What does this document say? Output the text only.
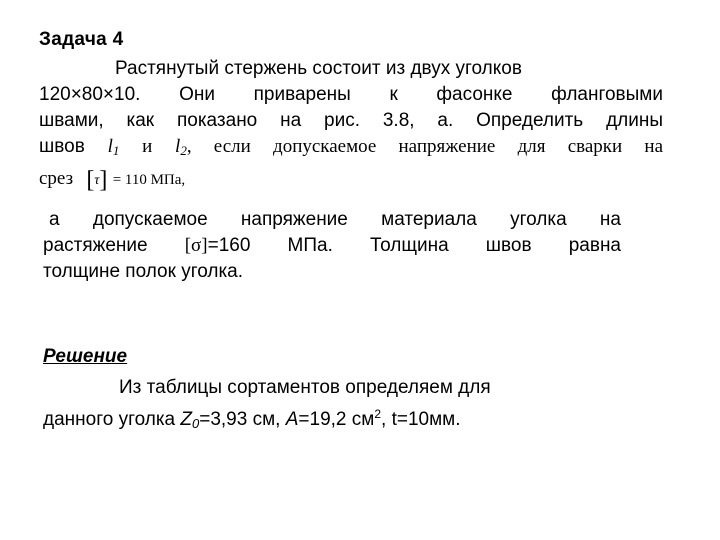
Задача 4
Растянутый стержень состоит из двух уголков
120×80×10. Они приварены к фасонке фланговыми
швами, как показано на рис. 3.8, а. Определить длины
швов $l_1$ и $l_2$, если допускаемое напряжение для сварки на
срез [τ] = 110 МПа,
а допускаемое напряжение материала уголка на
растяжение [σ]=160 МПа. Толщина швов равна
толщине полок уголка.
Решение
Из таблицы сортаментов определяем для
данного уголка $Z_0=3,93$ см, A=19,2 $см^2$, t=10мм.
